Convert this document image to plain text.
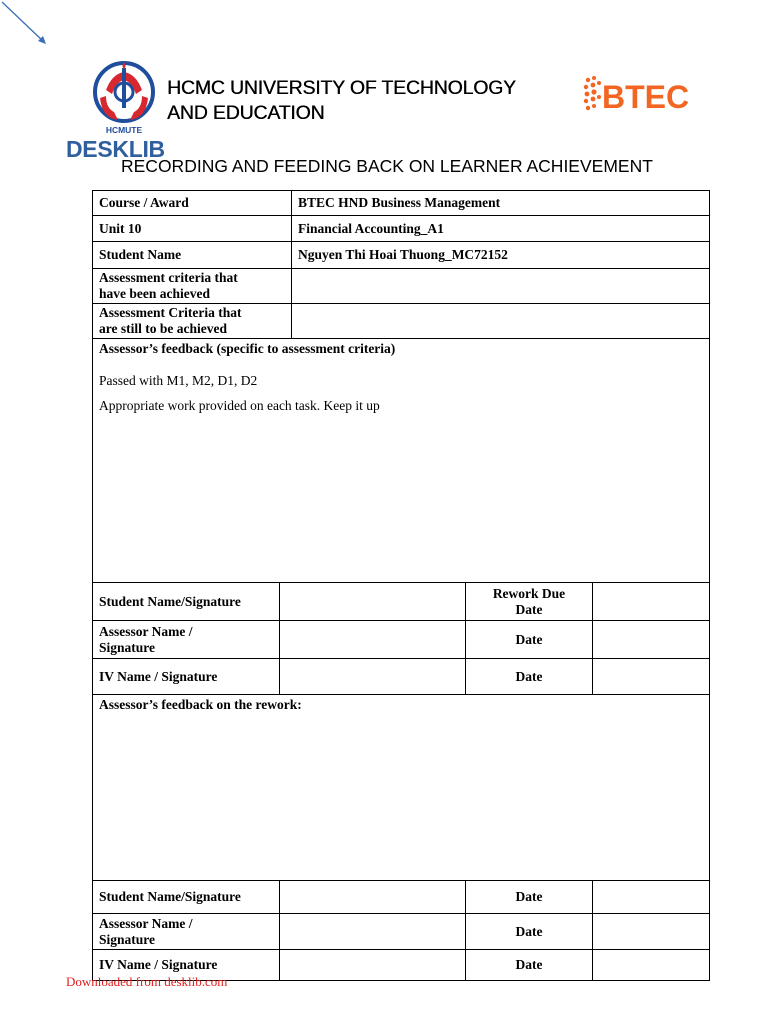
HCMUTE
HCMC UNIVERSITY OF TECHNOLOGY
AND EDUCATION	BTEC
DESKLIB
RECORDING AND FEEDING BACK ON LEARNER ACHIEVEMENT
Course / Award		BTEC HND Business Management		
Unit 10		Financial Accounting_A1		
Student Name		Nguyen Thi Hoai Thuong_MC72152		

Assessment criteria that
have been achieved				

Assessment Criteria that
are still to be achieved				

Assessor’s feedback (specific to assessment criteria)

Passed with M1, M2, D1, D2

Appropriate work provided on each task. Keep it up				

Student Name/Signature			Rework Due
Date	

Assessor Name /
Signature			Date	
IV Name / Signature			Date	

Assessor’s feedback on the rework:				

Student Name/Signature			Date	

Assessor Name /
Signature			Date	
IV Name / Signature			Date	
Downloaded from desklib.com
